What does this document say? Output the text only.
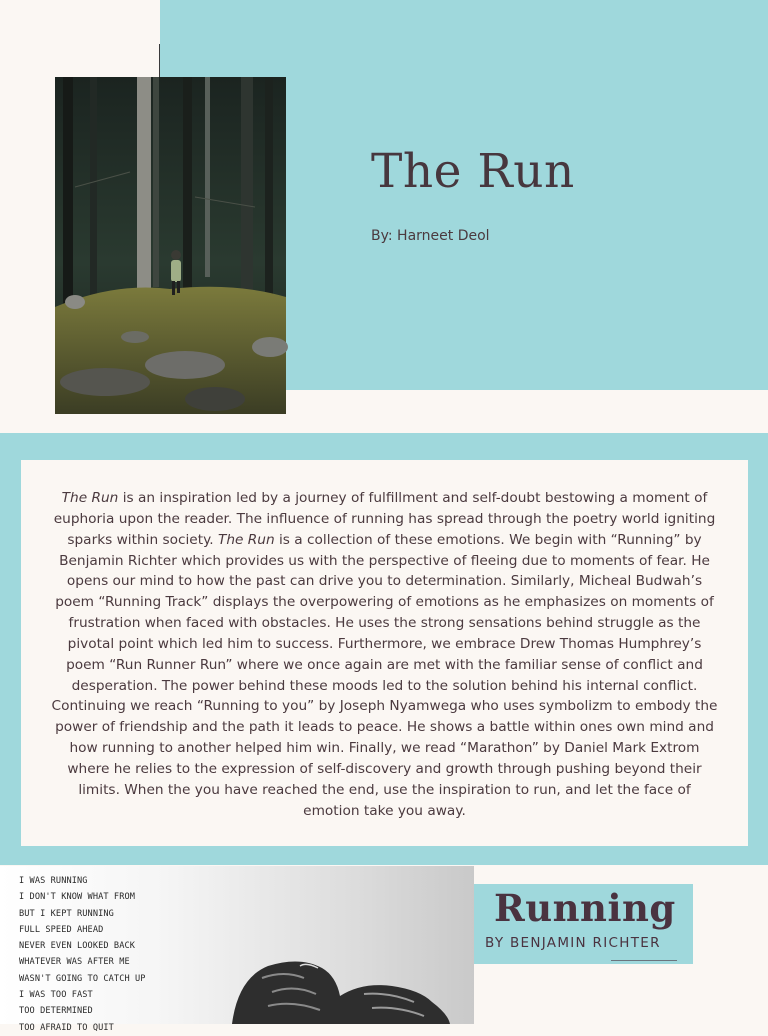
The Run
By: Harneet Deol

The Run is an inspiration led by a journey of fulfillment and self-doubt bestowing a moment of euphoria upon the reader. The influence of running has spread through the poetry world igniting sparks within society. The Run is a collection of these emotions. We begin with “Running” by Benjamin Richter which provides us with the perspective of fleeing due to moments of fear. He opens our mind to how the past can drive you to determination. Similarly, Micheal Budwah’s poem “Running Track” displays the overpowering of emotions as he emphasizes on moments of frustration when faced with obstacles. He uses the strong sensations behind struggle as the pivotal point which led him to success. Furthermore, we embrace Drew Thomas Humphrey’s poem “Run Runner Run” where we once again are met with the familiar sense of conflict and desperation. The power behind these moods led to the solution behind his internal conflict. Continuing we reach “Running to you” by Joseph Nyamwega who uses symbolizm to embody the power of friendship and the path it leads to peace. He shows a battle within ones own mind and how running to another helped him win. Finally, we read “Marathon” by Daniel Mark Extrom where he relies to the expression of self-discovery and growth through pushing beyond their limits. When the you have reached the end, use the inspiration to run, and let the face of emotion take you away.

I WAS RUNNING
I DON'T KNOW WHAT FROM
BUT I KEPT RUNNING
FULL SPEED AHEAD
NEVER EVEN LOOKED BACK
WHATEVER WAS AFTER ME
WASN'T GOING TO CATCH UP
I WAS TOO FAST
TOO DETERMINED
TOO AFRAID TO QUIT
Running
BY BENJAMIN RICHTER
